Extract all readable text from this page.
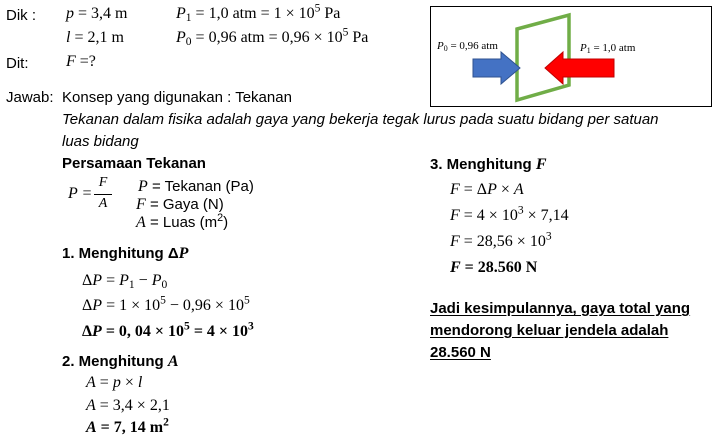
Dik : p = 3,4 m
l = 2,1 m
$P_1 = 1,0$ atm = $1 \times 10^5$ Pa
$P_0 = 0,96$ atm = $0,96 \times 10^5$ Pa
Dit: F =?
$P_0 = 0,96$ atm	$P_1 = 1,0$ atm
Jawab: Konsep yang digunakan : Tekanan
Tekanan dalam fisika adalah gaya yang bekerja tegak lurus pada suatu bidang per satuan
luas bidang
Persamaan Tekanan
P =
F
A
P = Tekanan (Pa)
F = Gaya (N)
A = Luas $(m^2)$
1. Menghitung ΔP
$\Delta P = P_1 - P_0$
$\Delta P = 1 \times 10^5 - 0,96 \times 10^5$
ΔP = 0, $04 \times 10^5 = 4 \times 10^3$
2. Menghitung A
A = p × l
A = 3,4 × 2,1
A = 7, 14 $m^2$
3. Menghitung F
F = ΔP × A
$F = 4 \times 10^3 \times 7,14$
$F = 28,56 \times 10^3$
F = 28.560 N
Jadi kesimpulannya, gaya total yang
mendorong keluar jendela adalah
28.560 N
